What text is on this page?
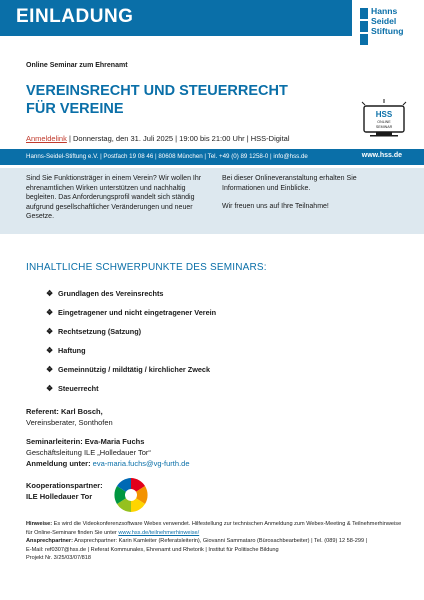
EINLADUNG	Hanns
Seidel
Stiftung
Online Seminar zum Ehrenamt
VEREINSRECHT UND STEUERRECHT
FÜR VEREINE	HSS
ONLINE
SEMINAR
Anmeldelink | Donnerstag, den 31. Juli 2025 | 19:00 bis 21:00 Uhr | HSS-Digital
Hanns-Seidel-Stiftung e.V. | Postfach 19 08 46 | 80608 München | Tel. +49 (0) 89 1258-0 | info@hss.de	www.hss.de
Sind Sie Funktionsträger in einem Verein? Wir wollen Ihr ehrenamtlichen Wirken unterstützen und nachhaltig begleiten. Das Anforderungsprofil wandelt sich ständig aufgrund gesellschaftlicher Veränderungen und neuer Gesetze.

Bei dieser Onlineveranstaltung erhalten Sie Informationen und Einblicke.

Wir freuen uns auf Ihre Teilnahme!

INHALTLICHE SCHWERPUNKTE DES SEMINARS:
❖ Grundlagen des Vereinsrechts
❖ Eingetragener und nicht eingetragener Verein
❖ Rechtsetzung (Satzung)
❖ Haftung
❖ Gemeinnützig / mildtätig / kirchlicher Zweck
❖ Steuerrecht
Referent: Karl Bosch,
Vereinsberater, Sonthofen
Seminarleiterin: Eva-Maria Fuchs
Geschäftsleitung ILE „Holledauer Tor“
Anmeldung unter: eva-maria.fuchs@vg-furth.de
Kooperationspartner:
ILE Holledauer Tor
Hinweise: Es wird die Videokonferenzsoftware Webex verwendet. Hilfestellung zur technischen Anmeldung zum Webex-Meeting & Teilnehmerhinweise für Online-Seminare finden Sie unter www.hss.de/teilnehmerhinweise/
Ansprechpartner: Ansprechpartner: Karin Kamleiter (Referatsleiterin), Giovanni Sammataro (Bürosachbearbeiter) | Tel. (089) 12 58-299 |
E-Mail: ref0307@hss.de | Referat Kommunales, Ehrenamt und Rhetorik | Institut für Politische Bildung
Projekt Nr. 3/25/03/07/818
